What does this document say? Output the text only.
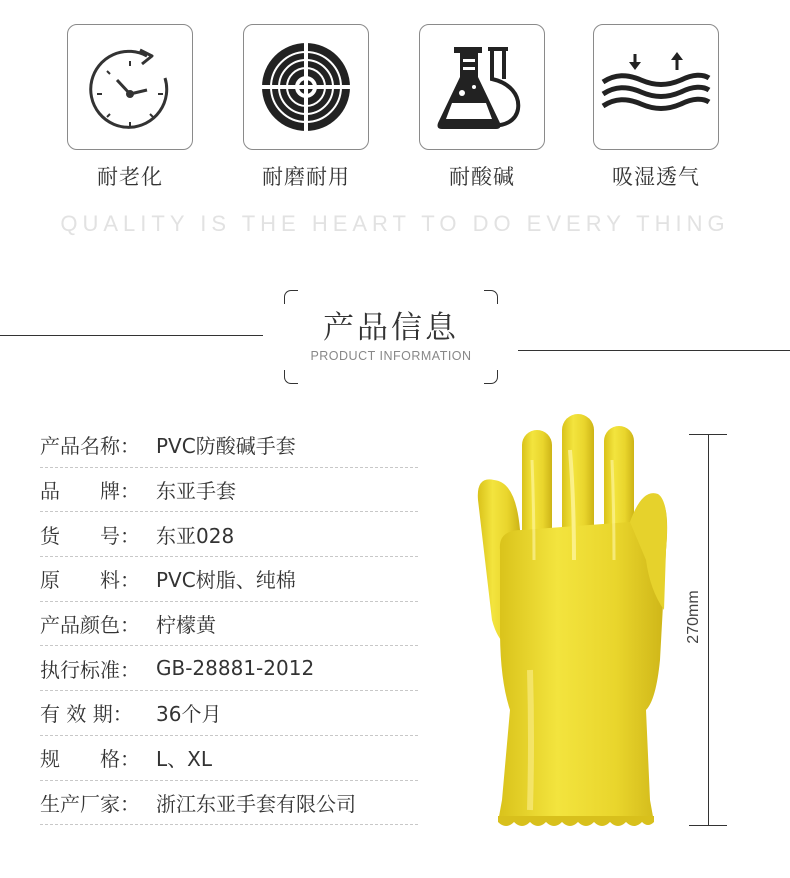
耐老化	耐磨耐用	耐酸碱	吸湿透气
QUALITY IS THE HEART TO DO EVERY THING
产品信息
PRODUCT INFORMATION
产品名称： PVC防酸碱手套
品　　牌： 东亚手套
货　　号： 东亚028
原　　料： PVC树脂、纯棉
产品颜色： 柠檬黄
执行标准： GB-28881-2012
有 效 期：	36个月
规　　格： L、XL
生产厂家： 浙江东亚手套有限公司
270mm
